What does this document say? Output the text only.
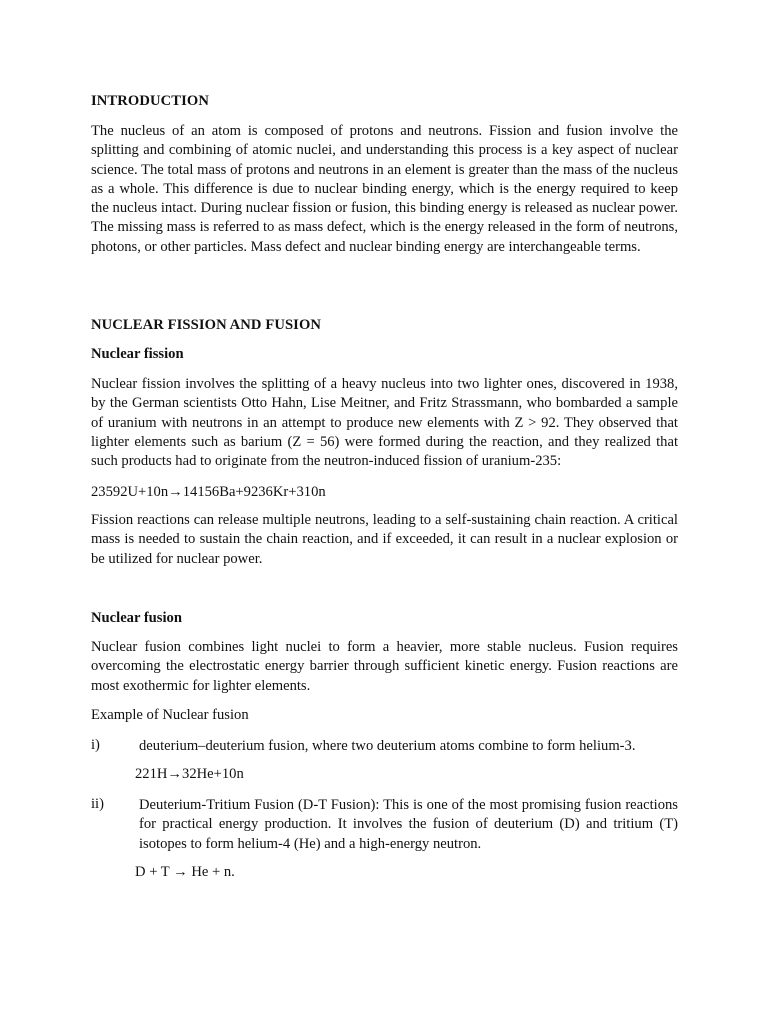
INTRODUCTION

The nucleus of an atom is composed of protons and neutrons. Fission and fusion involve the splitting and combining of atomic nuclei, and understanding this process is a key aspect of nuclear science. The total mass of protons and neutrons in an element is greater than the mass of the nucleus as a whole. This difference is due to nuclear binding energy, which is the energy required to keep the nucleus intact. During nuclear fission or fusion, this binding energy is released as nuclear power. The missing mass is referred to as mass defect, which is the energy released in the form of neutrons, photons, or other particles. Mass defect and nuclear binding energy are interchangeable terms.

NUCLEAR FISSION AND FUSION
Nuclear fission

Nuclear fission involves the splitting of a heavy nucleus into two lighter ones, discovered in 1938, by the German scientists Otto Hahn, Lise Meitner, and Fritz Strassmann, who bombarded a sample of uranium with neutrons in an attempt to produce new elements with Z > 92. They observed that lighter elements such as barium (Z = 56) were formed during the reaction, and they realized that such products had to originate from the neutron-induced fission of uranium-235:

23592U+10n→14156Ba+9236Kr+310n

Fission reactions can release multiple neutrons, leading to a self-sustaining chain reaction. A critical mass is needed to sustain the chain reaction, and if exceeded, it can result in a nuclear explosion or be utilized for nuclear power.

Nuclear fusion

Nuclear fusion combines light nuclei to form a heavier, more stable nucleus. Fusion requires overcoming the electrostatic energy barrier through sufficient kinetic energy. Fusion reactions are most exothermic for lighter elements.

Example of Nuclear fusion
i)	deuterium–deuterium fusion, where two deuterium atoms combine to form helium-3.
221H→32He+10n
ii) Deuterium-Tritium Fusion (D-T Fusion): This is one of the most promising fusion reactions for practical energy production. It involves the fusion of deuterium (D) and tritium (T) isotopes to form helium-4 (He) and a high-energy neutron.
D + T → He + n.
